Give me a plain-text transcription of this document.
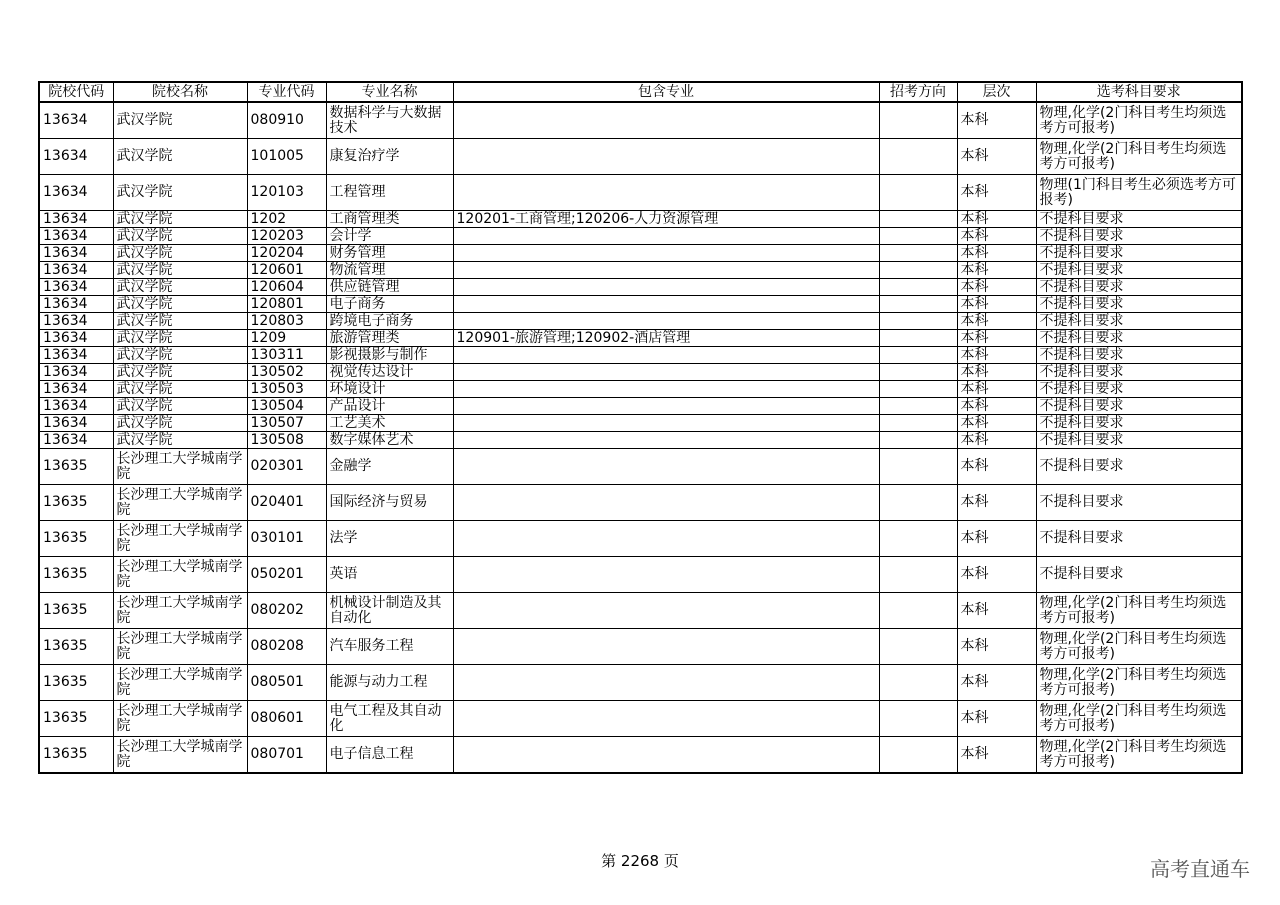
院校代码	院校名称	专业代码	专业名称	包含专业	招考方向	层次	选考科目要求
13634	武汉学院	080910	数据科学与大数据技术			本科	物理,化学(2门科目考生均须选考方可报考)
13634	武汉学院	101005	康复治疗学			本科	物理,化学(2门科目考生均须选考方可报考)
13634	武汉学院	120103	工程管理			本科	物理(1门科目考生必须选考方可报考)
13634	武汉学院	1202	工商管理类	120201-工商管理;120206-人力资源管理		本科	不提科目要求
13634	武汉学院	120203	会计学			本科	不提科目要求
13634	武汉学院	120204	财务管理			本科	不提科目要求
13634	武汉学院	120601	物流管理			本科	不提科目要求
13634	武汉学院	120604	供应链管理			本科	不提科目要求
13634	武汉学院	120801	电子商务			本科	不提科目要求
13634	武汉学院	120803	跨境电子商务			本科	不提科目要求
13634	武汉学院	1209	旅游管理类	120901-旅游管理;120902-酒店管理		本科	不提科目要求
13634	武汉学院	130311	影视摄影与制作			本科	不提科目要求
13634	武汉学院	130502	视觉传达设计			本科	不提科目要求
13634	武汉学院	130503	环境设计			本科	不提科目要求
13634	武汉学院	130504	产品设计			本科	不提科目要求
13634	武汉学院	130507	工艺美术			本科	不提科目要求
13634	武汉学院	130508	数字媒体艺术			本科	不提科目要求
13635	长沙理工大学城南学院	020301	金融学			本科	不提科目要求
13635	长沙理工大学城南学院	020401	国际经济与贸易			本科	不提科目要求
13635	长沙理工大学城南学院	030101	法学			本科	不提科目要求
13635	长沙理工大学城南学院	050201	英语			本科	不提科目要求
13635	长沙理工大学城南学院	080202	机械设计制造及其自动化			本科	物理,化学(2门科目考生均须选考方可报考)
13635	长沙理工大学城南学院	080208	汽车服务工程			本科	物理,化学(2门科目考生均须选考方可报考)
13635	长沙理工大学城南学院	080501	能源与动力工程			本科	物理,化学(2门科目考生均须选考方可报考)
13635	长沙理工大学城南学院	080601	电气工程及其自动化			本科	物理,化学(2门科目考生均须选考方可报考)
13635	长沙理工大学城南学院	080701	电子信息工程			本科	物理,化学(2门科目考生均须选考方可报考)
第 2268 页	高考直通车
